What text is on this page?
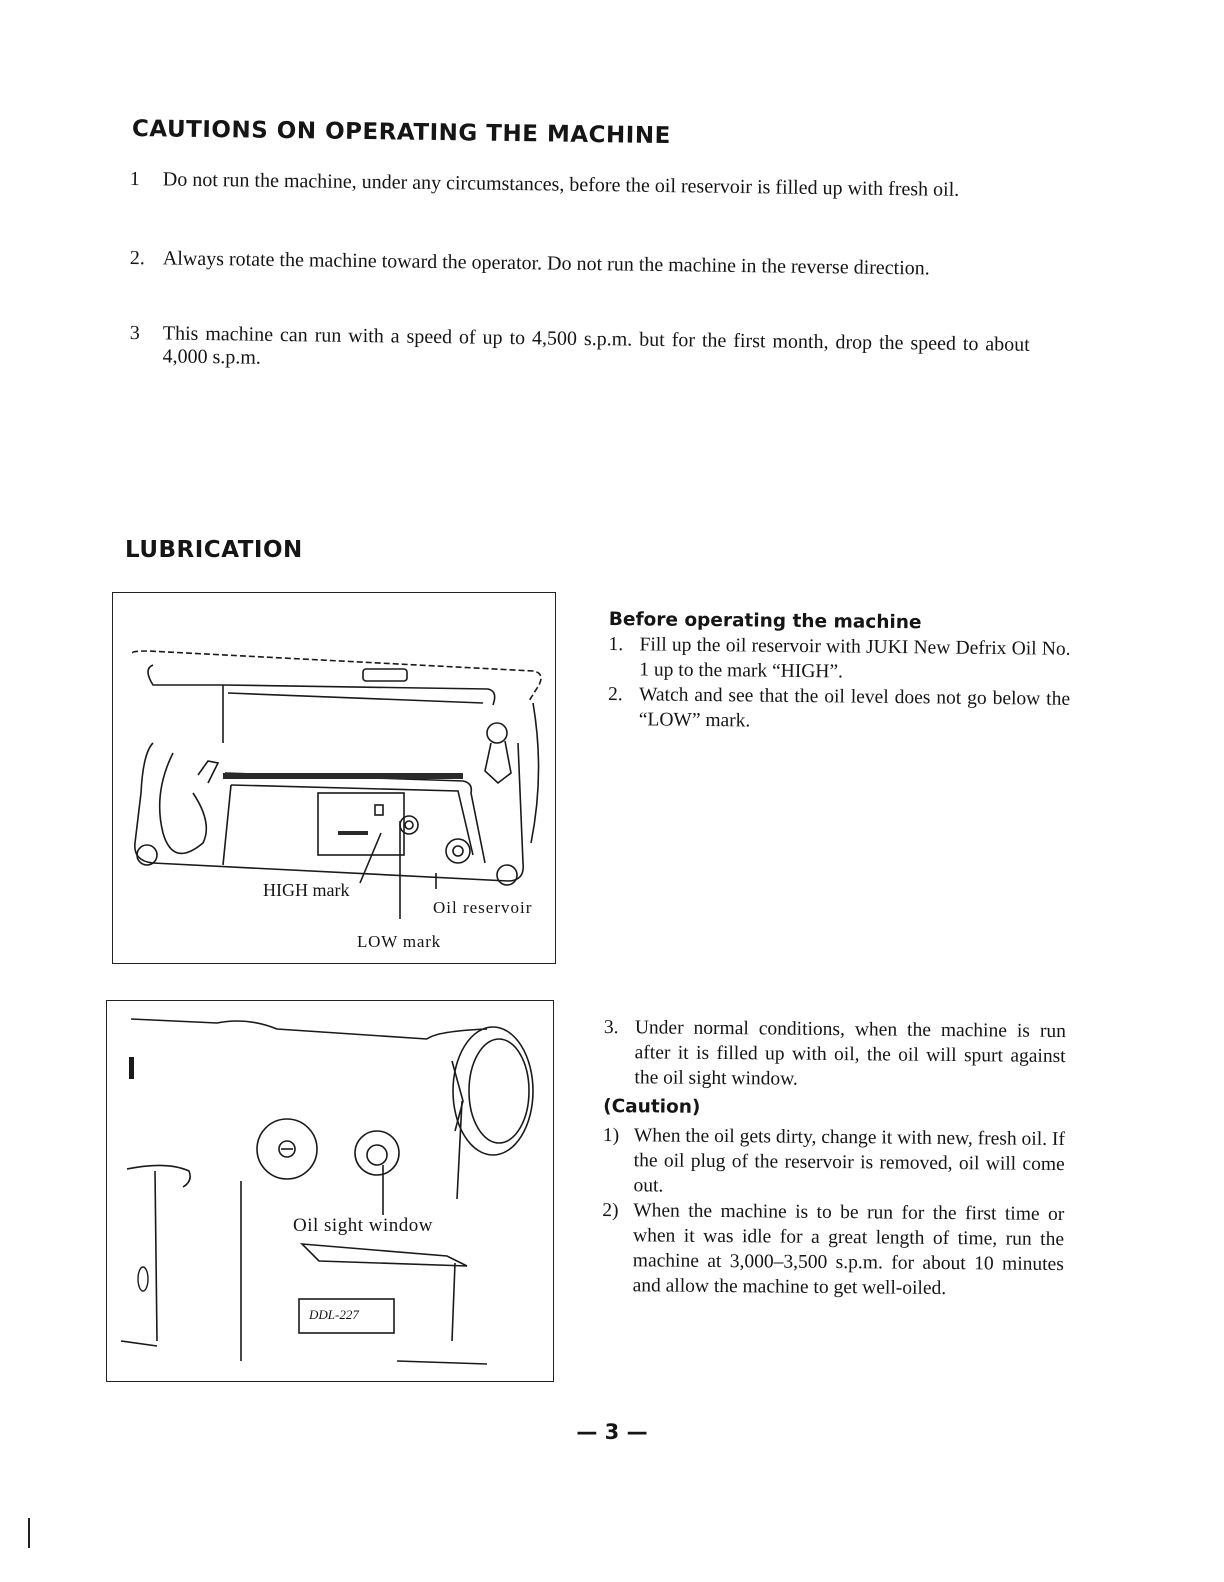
CAUTIONS ON OPERATING THE MACHINE
1	Do not run the machine, under any circumstances, before the oil reservoir is filled up with fresh oil.
2. Always rotate the machine toward the operator. Do not run the machine in the reverse direction.
3	This machine can run with a speed of up to 4,500 s.p.m. but for the first month, drop the speed to about 4,000 s.p.m.
LUBRICATION
HIGH mark
Oil reservoir
LOW mark
Oil sight window
DDL-227
Before operating the machine
1. Fill up the oil reservoir with JUKI New Defrix Oil No. 1 up to the mark “HIGH”.
2. Watch and see that the oil level does not go below the “LOW” mark.
3. Under normal conditions, when the machine is run after it is filled up with oil, the oil will spurt against the oil sight window.
(Caution)
1) When the oil gets dirty, change it with new, fresh oil. If the oil plug of the reservoir is removed, oil will come out.
2) When the machine is to be run for the first time or when it was idle for a great length of time, run the machine at 3,000–3,500 s.p.m. for about 10 minutes and allow the machine to get well-oiled.
— 3 —
